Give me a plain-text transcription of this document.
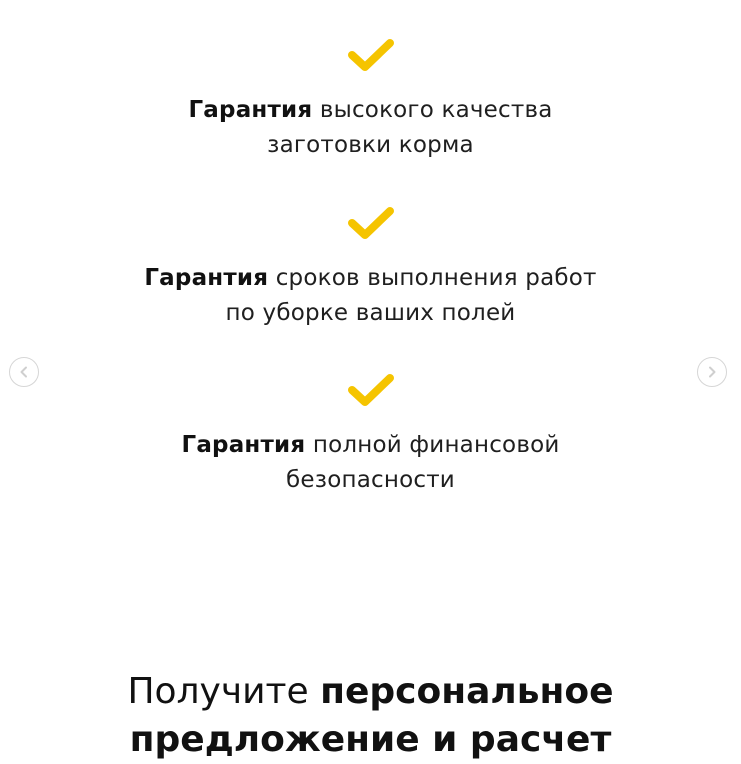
Гарантия высокого качества
заготовки корма

Гарантия сроков выполнения работ
по уборке ваших полей

Гарантия полной финансовой
безопасности

Получите персональное
предложение и расчет
